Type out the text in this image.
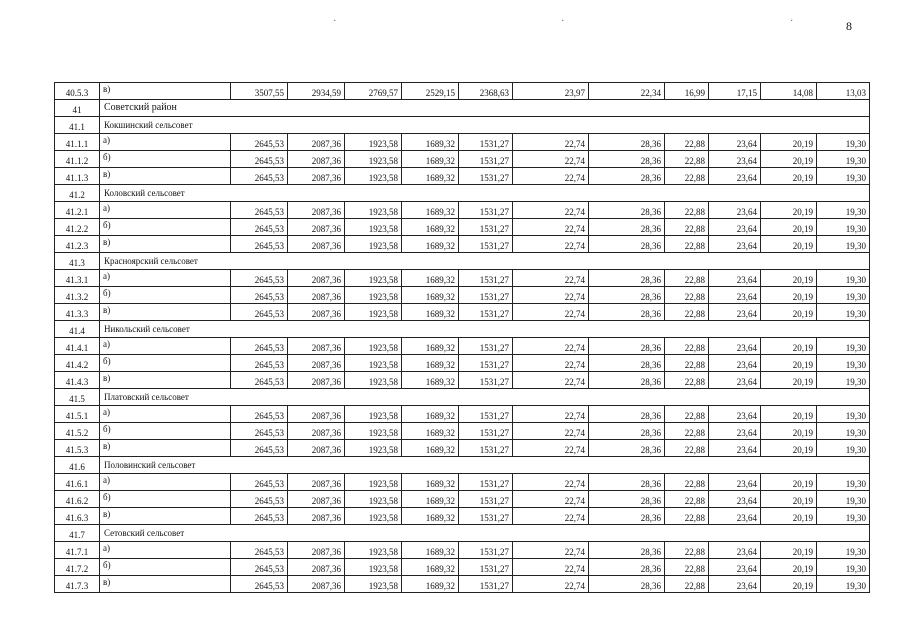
·	·	·	8
40.5.3	в)	3507,55	2934,59	2769,57	2529,15	2368,63	23,97	22,34	16,99	17,15	14,08	13,03
41	Советский район											
41.1	Кокшинский сельсовет											
41.1.1	а)	2645,53	2087,36	1923,58	1689,32	1531,27	22,74	28,36	22,88	23,64	20,19	19,30
41.1.2	б)	2645,53	2087,36	1923,58	1689,32	1531,27	22,74	28,36	22,88	23,64	20,19	19,30
41.1.3	в)	2645,53	2087,36	1923,58	1689,32	1531,27	22,74	28,36	22,88	23,64	20,19	19,30
41.2	Коловский сельсовет											
41.2.1	а)	2645,53	2087,36	1923,58	1689,32	1531,27	22,74	28,36	22,88	23,64	20,19	19,30
41.2.2	б)	2645,53	2087,36	1923,58	1689,32	1531,27	22,74	28,36	22,88	23,64	20,19	19,30
41.2.3	в)	2645,53	2087,36	1923,58	1689,32	1531,27	22,74	28,36	22,88	23,64	20,19	19,30
41.3	Красноярский сельсовет											
41.3.1	а)	2645,53	2087,36	1923,58	1689,32	1531,27	22,74	28,36	22,88	23,64	20,19	19,30
41.3.2	б)	2645,53	2087,36	1923,58	1689,32	1531,27	22,74	28,36	22,88	23,64	20,19	19,30
41.3.3	в)	2645,53	2087,36	1923,58	1689,32	1531,27	22,74	28,36	22,88	23,64	20,19	19,30
41.4	Никольский сельсовет											
41.4.1	а)	2645,53	2087,36	1923,58	1689,32	1531,27	22,74	28,36	22,88	23,64	20,19	19,30
41.4.2	б)	2645,53	2087,36	1923,58	1689,32	1531,27	22,74	28,36	22,88	23,64	20,19	19,30
41.4.3	в)	2645,53	2087,36	1923,58	1689,32	1531,27	22,74	28,36	22,88	23,64	20,19	19,30
41.5	Платовский сельсовет											
41.5.1	а)	2645,53	2087,36	1923,58	1689,32	1531,27	22,74	28,36	22,88	23,64	20,19	19,30
41.5.2	б)	2645,53	2087,36	1923,58	1689,32	1531,27	22,74	28,36	22,88	23,64	20,19	19,30
41.5.3	в)	2645,53	2087,36	1923,58	1689,32	1531,27	22,74	28,36	22,88	23,64	20,19	19,30
41.6	Половинский сельсовет											
41.6.1	а)	2645,53	2087,36	1923,58	1689,32	1531,27	22,74	28,36	22,88	23,64	20,19	19,30
41.6.2	б)	2645,53	2087,36	1923,58	1689,32	1531,27	22,74	28,36	22,88	23,64	20,19	19,30
41.6.3	в)	2645,53	2087,36	1923,58	1689,32	1531,27	22,74	28,36	22,88	23,64	20,19	19,30
41.7	Сетовский сельсовет											
41.7.1	а)	2645,53	2087,36	1923,58	1689,32	1531,27	22,74	28,36	22,88	23,64	20,19	19,30
41.7.2	б)	2645,53	2087,36	1923,58	1689,32	1531,27	22,74	28,36	22,88	23,64	20,19	19,30
41.7.3	в)	2645,53	2087,36	1923,58	1689,32	1531,27	22,74	28,36	22,88	23,64	20,19	19,30
